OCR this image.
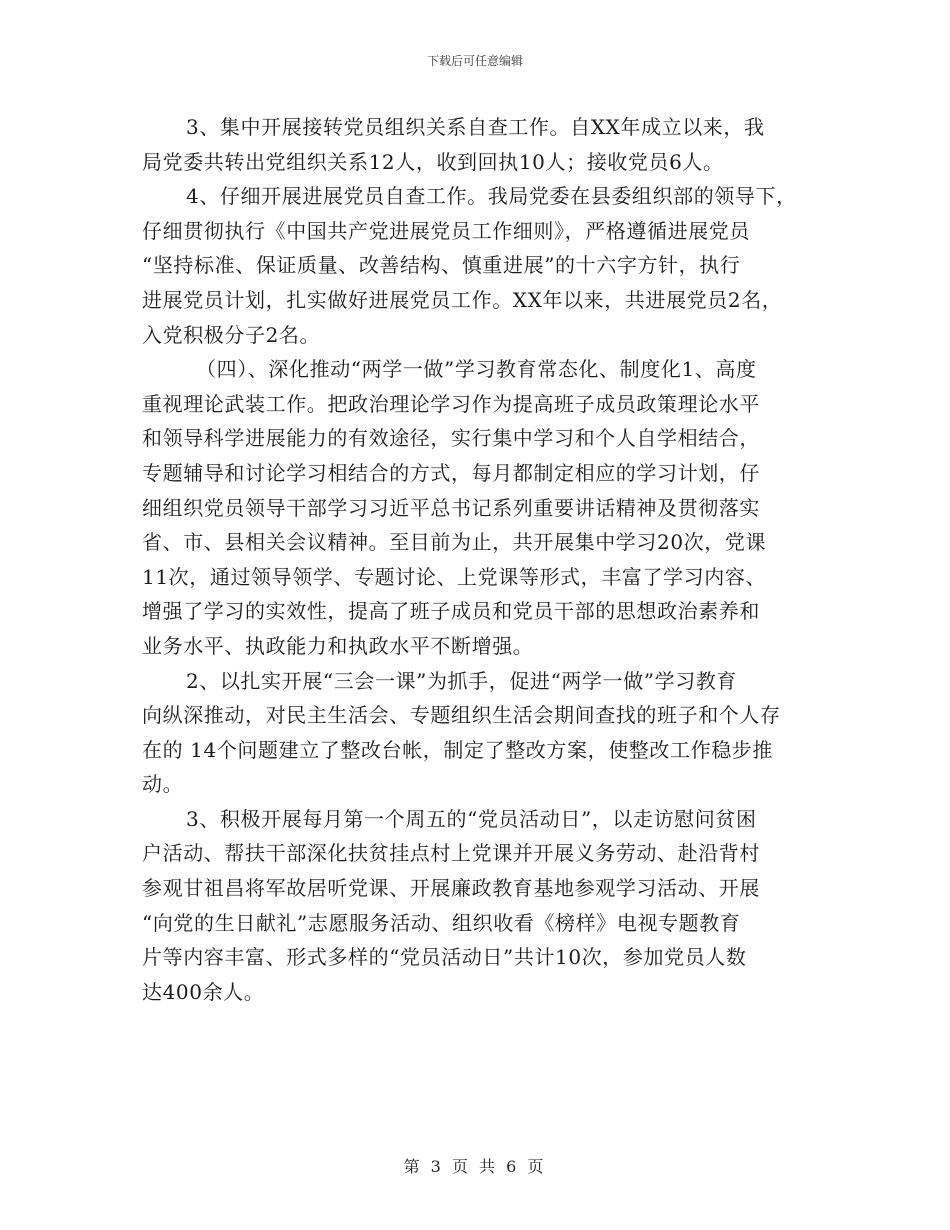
下载后可任意编辑
3、集中开展接转党员组织关系自查工作。自XX年成立以来，我
局党委共转出党组织关系12人，收到回执10人；接收党员6人。
4、仔细开展进展党员自查工作。我局党委在县委组织部的领导下，
仔细贯彻执行《中国共产党进展党员工作细则》，严格遵循进展党员
“坚持标准、保证质量、改善结构、慎重进展”的十六字方针，执行
进展党员计划，扎实做好进展党员工作。XX年以来，共进展党员2名，
入党积极分子2名。
（四）、深化推动“两学一做”学习教育常态化、制度化1、高度
重视理论武装工作。把政治理论学习作为提高班子成员政策理论水平
和领导科学进展能力的有效途径，实行集中学习和个人自学相结合，
专题辅导和讨论学习相结合的方式，每月都制定相应的学习计划，仔
细组织党员领导干部学习习近平总书记系列重要讲话精神及贯彻落实
省、市、县相关会议精神。至目前为止，共开展集中学习20次，党课
11次，通过领导领学、专题讨论、上党课等形式，丰富了学习内容、
增强了学习的实效性，提高了班子成员和党员干部的思想政治素养和
业务水平、执政能力和执政水平不断增强。
2、以扎实开展“三会一课”为抓手，促进“两学一做”学习教育
向纵深推动，对民主生活会、专题组织生活会期间查找的班子和个人存
在的 14个问题建立了整改台帐，制定了整改方案，使整改工作稳步推
动。
3、积极开展每月第一个周五的“党员活动日”，以走访慰问贫困
户活动、帮扶干部深化扶贫挂点村上党课并开展义务劳动、赴沿背村
参观甘祖昌将军故居听党课、开展廉政教育基地参观学习活动、开展
“向党的生日献礼”志愿服务活动、组织收看《榜样》电视专题教育
片等内容丰富、形式多样的“党员活动日”共计10次，参加党员人数
达400余人。
第 3 页 共 6 页
